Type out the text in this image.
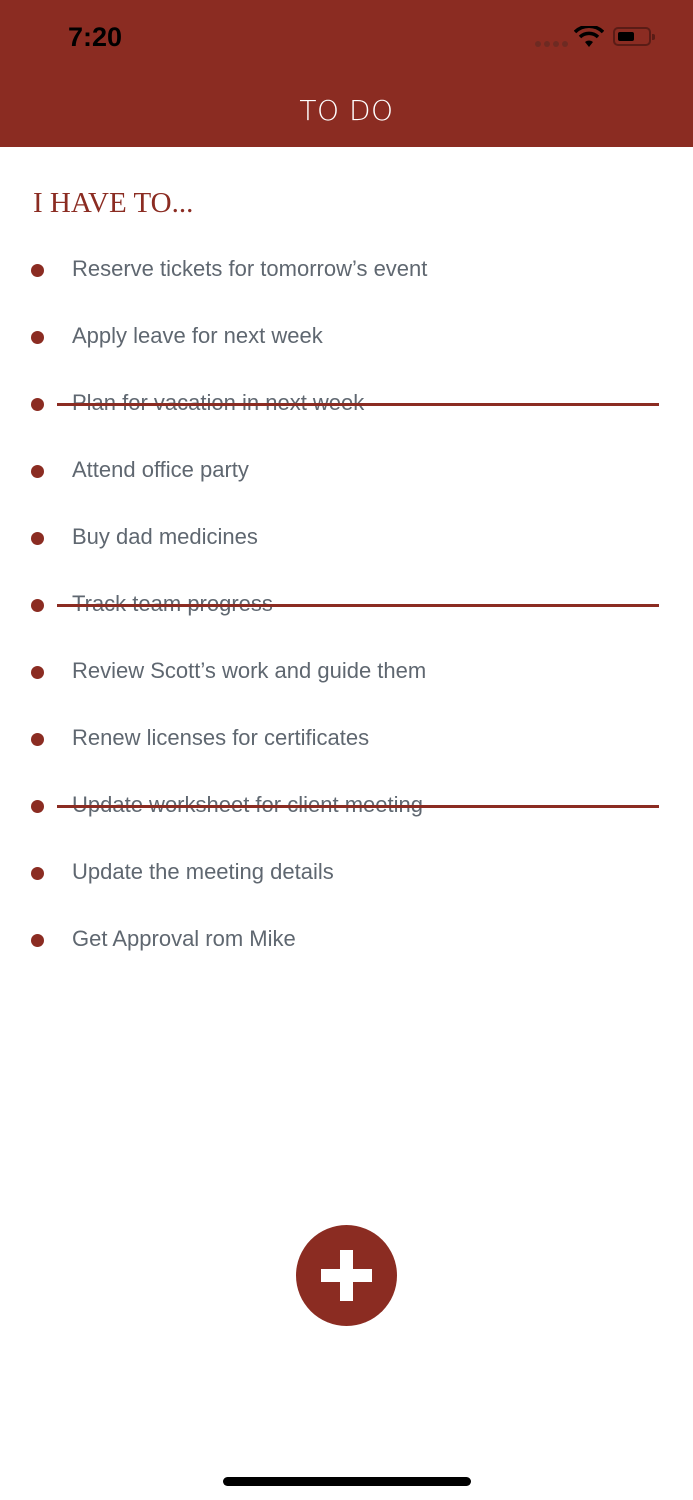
7:20
TO DO
I HAVE TO...
Reserve tickets for tomorrow’s event
Apply leave for next week
Attend office party
Buy dad medicines
Review Scott’s work and guide them
Renew licenses for certificates
Update the meeting details
Get Approval rom Mike
